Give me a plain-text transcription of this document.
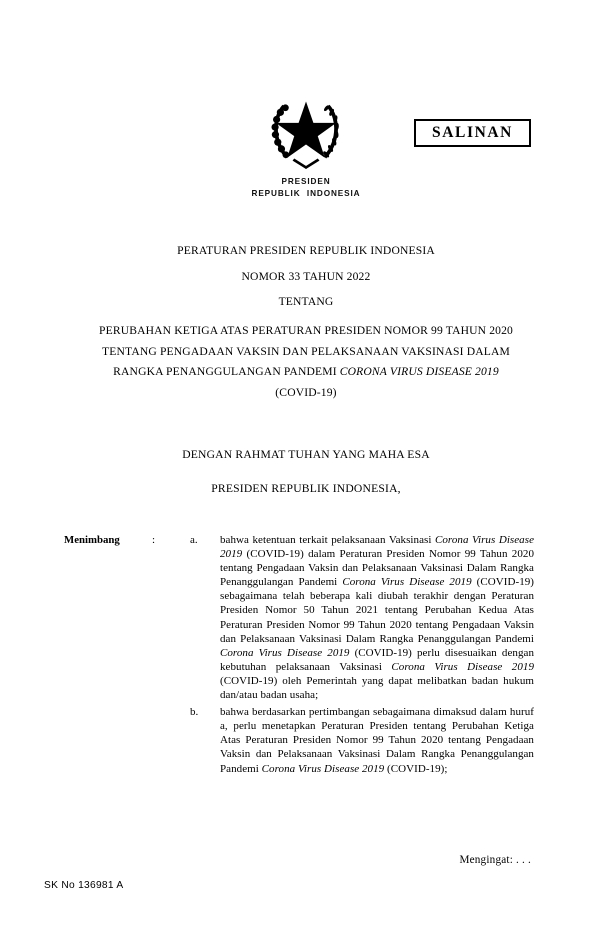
PRESIDEN
REPUBLIK  INDONESIA
SALINAN
PERATURAN PRESIDEN REPUBLIK INDONESIA
NOMOR 33 TAHUN 2022
TENTANG
PERUBAHAN KETIGA ATAS PERATURAN PRESIDEN NOMOR 99 TAHUN 2020
TENTANG PENGADAAN VAKSIN DAN PELAKSANAAN VAKSINASI DALAM
RANGKA PENANGGULANGAN PANDEMI CORONA VIRUS DISEASE 2019
(COVID-19)
DENGAN RAHMAT TUHAN YANG MAHA ESA
PRESIDEN REPUBLIK INDONESIA,
Menimbang	:	a.	bahwa ketentuan terkait pelaksanaan Vaksinasi Corona Virus Disease 2019 (COVID-19) dalam Peraturan Presiden Nomor 99 Tahun 2020 tentang Pengadaan Vaksin dan Pelaksanaan Vaksinasi Dalam Rangka Penanggulangan Pandemi Corona Virus Disease 2019 (COVID-19) sebagaimana telah beberapa kali diubah terakhir dengan Peraturan Presiden Nomor 50 Tahun 2021 tentang Perubahan Kedua Atas Peraturan Presiden Nomor 99 Tahun 2020 tentang Pengadaan Vaksin dan Pelaksanaan Vaksinasi Dalam Rangka Penanggulangan Pandemi Corona Virus Disease 2019 (COVID-19) perlu disesuaikan dengan kebutuhan pelaksanaan Vaksinasi Corona Virus Disease 2019 (COVID-19) oleh Pemerintah yang dapat melibatkan badan hukum dan/atau badan usaha;
b.	bahwa berdasarkan pertimbangan sebagaimana dimaksud dalam huruf a, perlu menetapkan Peraturan Presiden tentang Perubahan Ketiga Atas Peraturan Presiden Nomor 99 Tahun 2020 tentang Pengadaan Vaksin dan Pelaksanaan Vaksinasi Dalam Rangka Penanggulangan Pandemi Corona Virus Disease 2019 (COVID-19);
Mengingat: . . .
SK No 136981 A
